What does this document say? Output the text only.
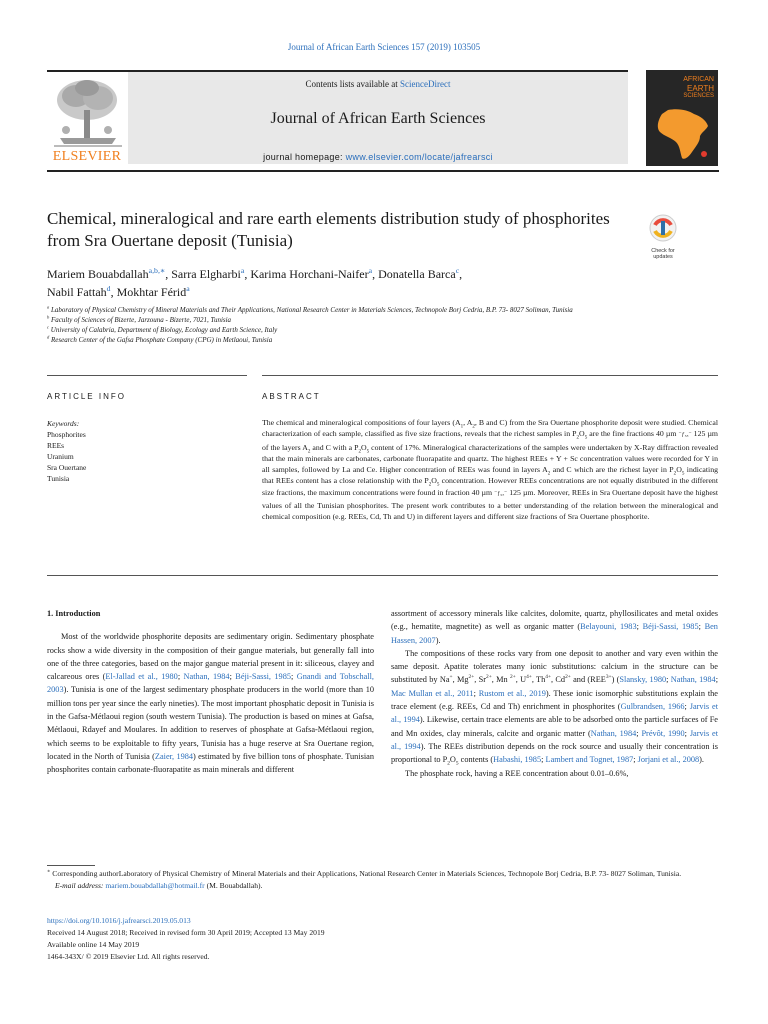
Journal of African Earth Sciences 157 (2019) 103505
Contents lists available at ScienceDirect
Journal of African Earth Sciences
journal homepage: www.elsevier.com/locate/jafrearsci
ELSEVIER
AFRICAN
EARTH
SCIENCES
Chemical, mineralogical and rare earth elements distribution study of phosphorites from Sra Ouertane deposit (Tunisia)
Check for updates
Mariem Bouabdallah$^{a,b,∗}$, Sarra Elgharbi$^a$, Karima Horchani-Naifer$^a$, Donatella Barca$^c$,
Nabil Fattah$^d$, Mokhtar Férid$^a$
$^a$ Laboratory of Physical Chemistry of Mineral Materials and Their Applications, National Research Center in Materials Sciences, Technopole Borj Cedria, B.P. 73- 8027 Soliman, Tunisia
$^b$ Faculty of Sciences of Bizerte, Jarzouna - Bizerte, 7021, Tunisia
$^c$ University of Calabria, Department of Biology, Ecology and Earth Science, Italy
$^d$ Research Center of the Gafsa Phosphate Company (CPG) in Metlaoui, Tunisia
ARTICLE INFO	ABSTRACT
Keywords:
Phosphorites
REEs
Uranium
Sra Ouertane
Tunisia
The chemical and mineralogical compositions of four layers ($A_1$, $A_2$, B and C) from the Sra Ouertane phosphorite deposit were studied. Chemical characterization of each sample, classified as five size fractions, reveals that the richest samples in $P_2O_5$ are the fine fractions 40 µm ⁻ƒ₅ₓ⁻ 125 µm of the layers $A_2$ and C with a $P_2O_5$ content of 17%. Mineralogical characterizations of the samples were undertaken by X-Ray diffraction revealed that the main minerals are carbonates, carbonate fluorapatite and quartz. The highest REEs + Y + Sc concentration values were recorded for Y in all samples, followed by La and Ce. Higher concentration of REEs was found in layers $A_2$ and C which are the richest layer in $P_2O_5$ indicating that REEs content has a close relationship with the $P_2O_5$ concentration. However REEs concentrations are not equally distributed in the different size fractions, the maximum concentrations were found in fraction 40 µm ⁻ƒ₅ₓ⁻ 125 µm. Moreover, REEs in Sra Ouertane deposit have the highest values of all the Tunisian phosphorites. The present work contributes to a better understanding of the relation between the mineralogical and chemical composition (e.g. REEs, Cd, Th and U) in different layers and different size fractions of Sra Ouertane phosphorite.
1. Introduction
Most of the worldwide phosphorite deposits are sedimentary origin. Sedimentary phosphate rocks show a wide diversity in the composition of their gangue materials, but generally fall into one of the three categories, based on the major gangue material present in it: siliceous, clayey and calcareous ores (El-Jallad et al., 1980; Nathan, 1984; Béji-Sassi, 1985; Gnandi and Tobschall, 2003). Tunisia is one of the largest sedimentary phosphate producers in the world (more than 10 million tons per year since the early nineties). The most important phosphatic deposit in Tunisia is in the Gafsa-Métlaoui region (south western Tunisia). The production is based on mines at Gafsa, Métlaoui, Rdayef and Moulares. In addition to reserves of phosphate at Gafsa-Métlaoui region, which seems to be exploitable to fifty years, Tunisia has a huge reserve at Sra Ouertane region, located in the North of Tunisia (Zaier, 1984) estimated by five billion tons of phosphate. Tunisian phosphorites contain carbonate-fluorapatite as main minerals and different
assortment of accessory minerals like calcites, dolomite, quartz, phyllosilicates and metal oxides (e.g., hematite, magnetite) as well as organic matter (Belayouni, 1983; Béji-Sassi, 1985; Ben Hassen, 2007).
The compositions of these rocks vary from one deposit to another and vary even within the same deposit. Apatite tolerates many ionic substitutions: calcium in the structure can be substituted by Na+, $Mg^{2+}$, $Sr^{2+}$, Mn $^{2+}$, $U^{4+}$, $Th^{4+}$, $Cd^{2+}$ and $(REE^{3+})$ (Slansky, 1980; Nathan, 1984; Mac Mullan et al., 2011; Rustom et al., 2019). These ionic isomorphic substitutions explain the trace element (e.g. REEs, Cd and Th) enrichment in phosphorites (Gulbrandsen, 1966; Jarvis et al., 1994). Likewise, certain trace elements are able to be adsorbed onto the particle surfaces of Fe and Mn oxides, clay minerals, calcite and organic matter (Nathan, 1984; Prévôt, 1990; Jarvis et al., 1994). The REEs distribution depends on the rock source and usually their concentration is proportional to $P_2O_5$ contents (Habashi, 1985; Lambert and Tognet, 1987; Jorjani et al., 2008).
The phosphate rock, having a REE concentration about 0.01–0.6%,
∗ Corresponding authorLaboratory of Physical Chemistry of Mineral Materials and their Applications, National Research Center in Materials Sciences, Technopole Borj Cedria, B.P. 73- 8027 Soliman, Tunisia.
E-mail address: mariem.bouabdallah@hotmail.fr (M. Bouabdallah).
https://doi.org/10.1016/j.jafrearsci.2019.05.013
Received 14 August 2018; Received in revised form 30 April 2019; Accepted 13 May 2019
Available online 14 May 2019
1464-343X/ © 2019 Elsevier Ltd. All rights reserved.
